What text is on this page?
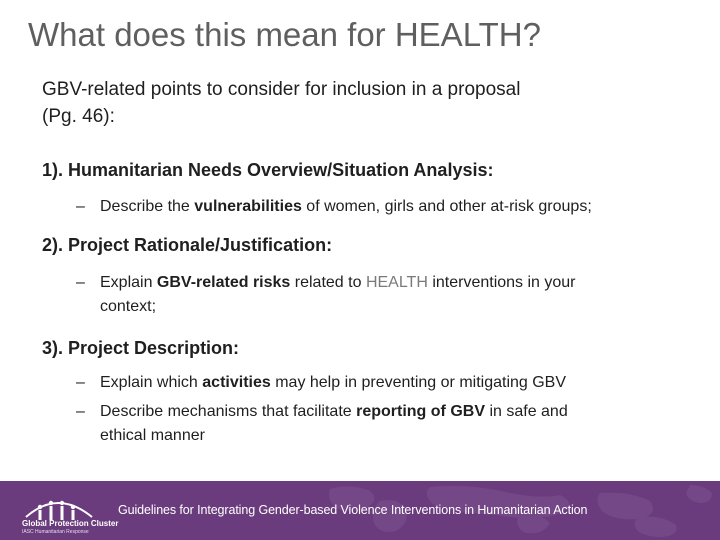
What does this mean for HEALTH?
GBV-related points to consider for inclusion in a proposal
(Pg. 46):
1). Humanitarian Needs Overview/Situation Analysis:
– Describe the vulnerabilities of women, girls and other at-risk groups;
2). Project Rationale/Justification:
– Explain GBV-related risks related to HEALTH interventions in your
context;
3). Project Description:
– Explain which activities may help in preventing or mitigating GBV
– Describe mechanisms that facilitate reporting of GBV in safe and
ethical manner
Global Protection Cluster
IASC Humanitarian Response
Guidelines for Integrating Gender-based Violence Interventions in Humanitarian Action
